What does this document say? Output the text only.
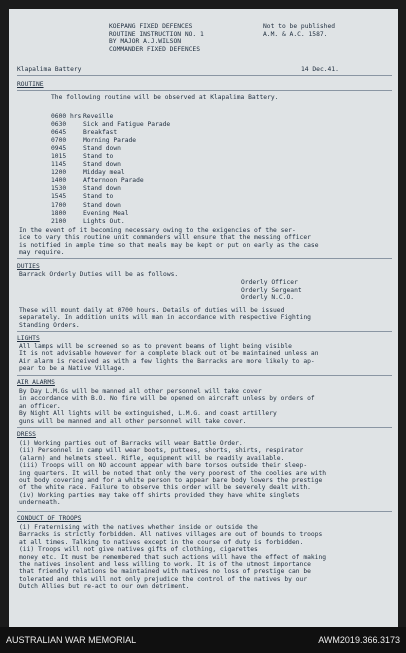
KOEPANG FIXED DEFENCES
ROUTINE INSTRUCTION NO. 1
BY MAJOR A.J.WILSON
COMMANDER FIXED DEFENCES
Not to be published
A.M. & A.C. 1587.
Klapalima Battery	14 Dec.41.
ROUTINE
The following routine will be observed at Klapalima Battery.
0600 hrs Reveille
0630	Sick and Fatigue Parade
0645	Breakfast
0700	Morning Parade
0945	Stand down
1015	Stand to
1145	Stand down
1200	Midday meal
1400	Afternoon Parade
1530	Stand down
1545	Stand to
1700	Stand down
1800	Evening Meal
2100	Lights Out.
In the event of it becoming necessary owing to the exigencies of the ser-
ice to vary this routine unit commanders will ensure that the messing officer
is notified in ample time so that meals may be kept or put on early as the case
may require.
DUTIES
Barrack Orderly Duties will be as follows.
Orderly Officer
Orderly Sergeant
Orderly N.C.O.
These will mount daily at 0700 hours. Details of duties will be issued
separately. In addition units will man in accordance with respective Fighting
Standing Orders.
LIGHTS
All lamps will be screened so as to prevent beams of light being visible
It is not advisable however for a complete black out ot be maintained unless an
Air alarm is received as with a few lights the Barracks are more likely to ap-
pear to be a Native Village.
AIR ALARMS
By Day L.M.Gs will be manned all other personnel will take cover
in accordance with B.O. No fire will be opened on aircraft unless by orders of
an officer.
By Night All lights will be extinguished, L.M.G. and coast artillery
guns will be manned and all other personnel will take cover.
DRESS
(i) Working parties out of Barracks will wear Battle Order.
(ii) Personnel in camp will wear boots, puttees, shorts, shirts, respirator
(alarm) and helmets steel. Rifle, equipment will be readily available.
(iii) Troops will on NO account appear with bare torsos outside their sleep-
ing quarters. It will be noted that only the very poorest of the coolies are with
out body covering and for a white person to appear bare body lowers the prestige
of the white race. Failure to observe this order will be severely dealt with.
(iv) Working parties may take off shirts provided they have white singlets
underneath.
CONDUCT OF TROOPS
(i) Fraternising with the natives whether inside or outside the
Barracks is strictly forbidden. All natives villages are out of bounds to troops
at all times. Talking to natives except in the course of duty is forbidden.
(ii) Troops will not give natives gifts of clothing, cigarettes
money etc. It must be remembered that such actions will have the effect of making
the natives insolent and less willing to work. It is of the utmost importance
that friendly relations be maintained with natives no loss of prestige can be
tolerated and this will not only prejudice the control of the natives by our
Dutch Allies but re-act to our own detriment.
AUSTRALIAN WAR MEMORIAL	AWM2019.366.3173
